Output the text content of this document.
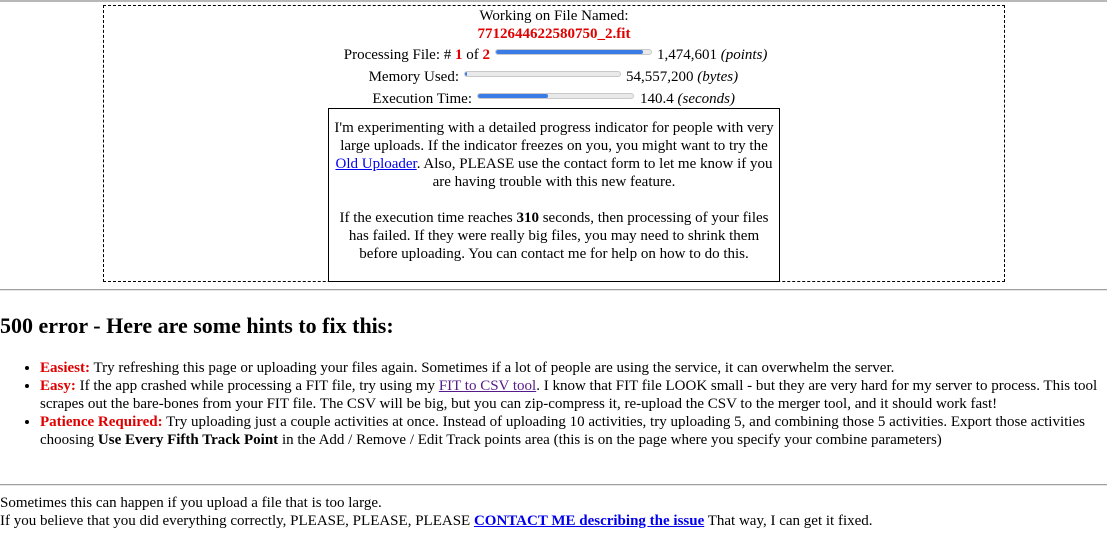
Working on File Named:
7712644622580750_2.fit
Processing File: # 1 of 2	1,474,601 (points)
Memory Used:	54,557,200 (bytes)
Execution Time:	140.4 (seconds)

I'm experimenting with a detailed progress indicator for people with very large uploads. If the indicator freezes on you, you might want to try the Old Uploader. Also, PLEASE use the contact form to let me know if you are having trouble with this new feature.

If the execution time reaches 310 seconds, then processing of your files has failed. If they were really big files, you may need to shrink them before uploading. You can contact me for help on how to do this.

500 error - Here are some hints to fix this:
• Easiest: Try refreshing this page or uploading your files again. Sometimes if a lot of people are using the service, it can overwhelm the server.
• Easy: If the app crashed while processing a FIT file, try using my FIT to CSV tool. I know that FIT file LOOK small - but they are very hard for my server to process. This tool scrapes out the bare-bones from your FIT file. The CSV will be big, but you can zip-compress it, re-upload the CSV to the merger tool, and it should work fast!
• Patience Required: Try uploading just a couple activities at once. Instead of uploading 10 activities, try uploading 5, and combining those 5 activities. Export those activities choosing Use Every Fifth Track Point in the Add / Remove / Edit Track points area (this is on the page where you specify your combine parameters)
Sometimes this can happen if you upload a file that is too large.
If you believe that you did everything correctly, PLEASE, PLEASE, PLEASE CONTACT ME describing the issue That way, I can get it fixed.
